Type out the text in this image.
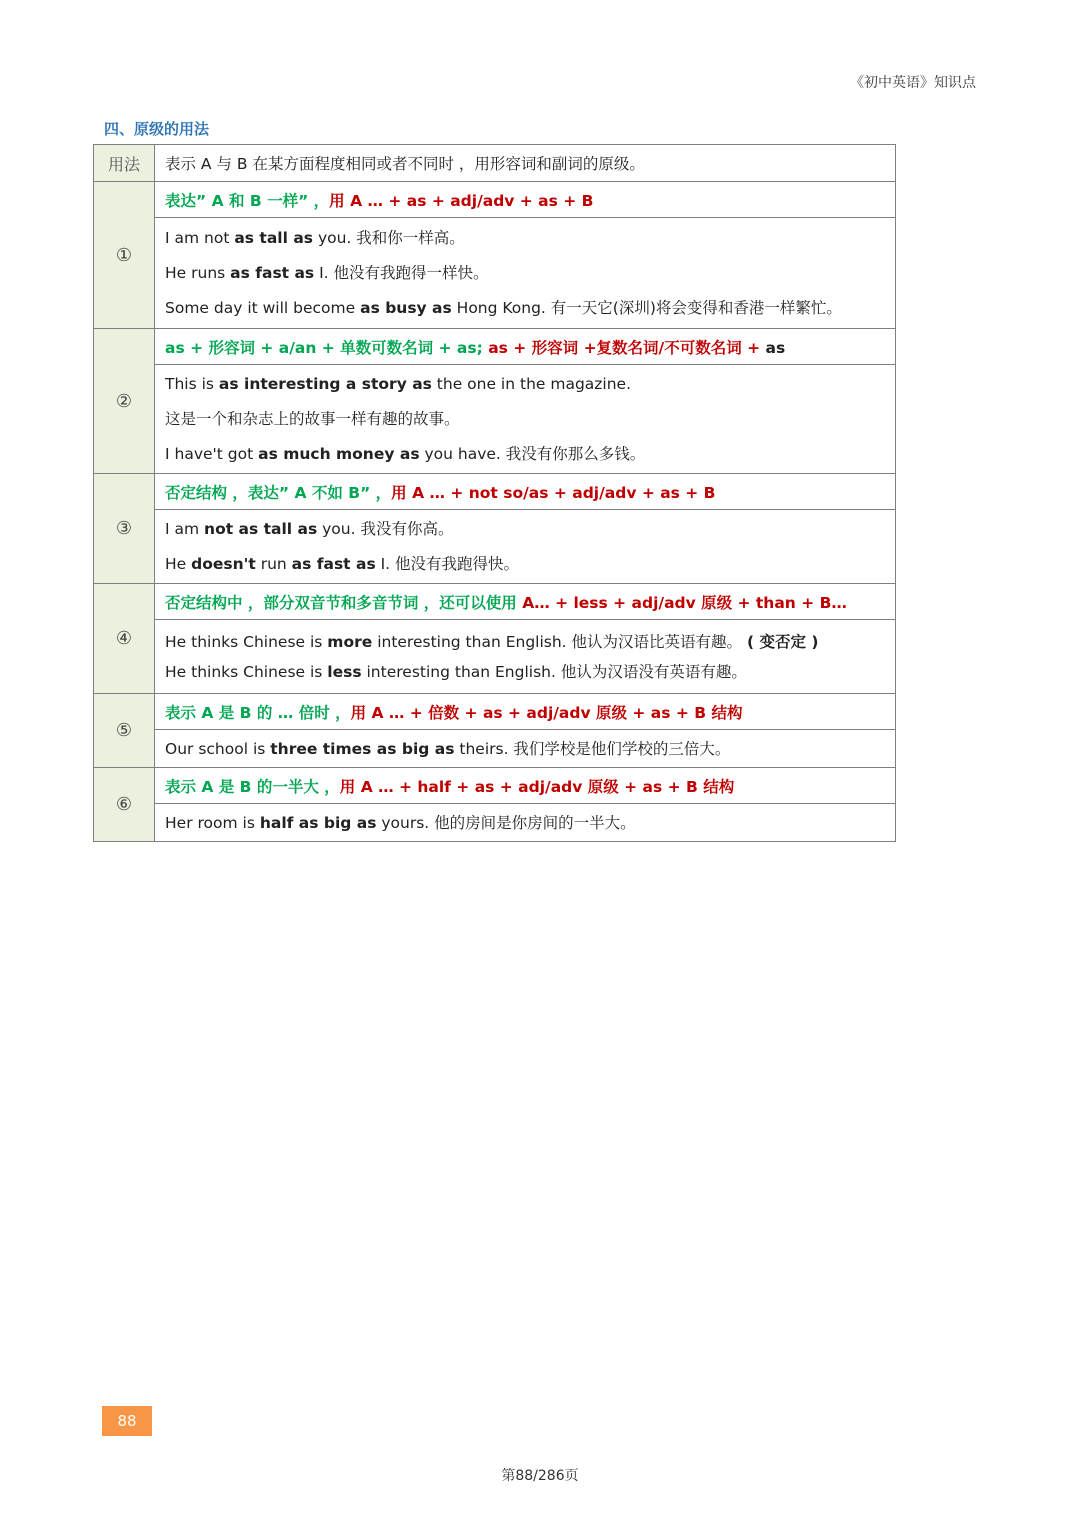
《初中英语》知识点
四、原级的用法
用法	表示 A 与 B 在某方面程度相同或者不同时 ，用形容词和副词的原级。
①	表达” A 和 B 一样” ，用 A … + as + adj/adv + as + B

	I am not as tall as you. 我和你一样高。
He runs as fast as I. 他没有我跑得一样快。
Some day it will become as busy as Hong Kong. 有一天它(深圳)将会变得和香港一样繁忙。

②	as + 形容词 + a/an + 单数可数名词 + as; as + 形容词 +复数名词/不可数名词 + as

	This is as interesting a story as the one in the magazine.
这是一个和杂志上的故事一样有趣的故事。
I have't got as much money as you have. 我没有你那么多钱。

③	否定结构 ，表达” A 不如 B” ，用 A … + not so/as + adj/adv + as + B

	I am not as tall as you. 我没有你高。
He doesn't run as fast as I. 他没有我跑得快。

④	否定结构中 ，部分双音节和多音节词 ，还可以使用 A… + less + adj/adv 原级 + than + B…

	He thinks Chinese is more interesting than English. 他认为汉语比英语有趣。 ( 变否定 )
He thinks Chinese is less interesting than English. 他认为汉语没有英语有趣。

⑤	表示 A 是 B 的 … 倍时 ，用 A … + 倍数 + as + adj/adv 原级 + as + B 结构

	Our school is three times as big as theirs. 我们学校是他们学校的三倍大。

⑥	表示 A 是 B 的一半大 ，用 A … + half + as + adj/adv 原级 + as + B 结构

	Her room is half as big as yours. 他的房间是你房间的一半大。
88
第88/286页
